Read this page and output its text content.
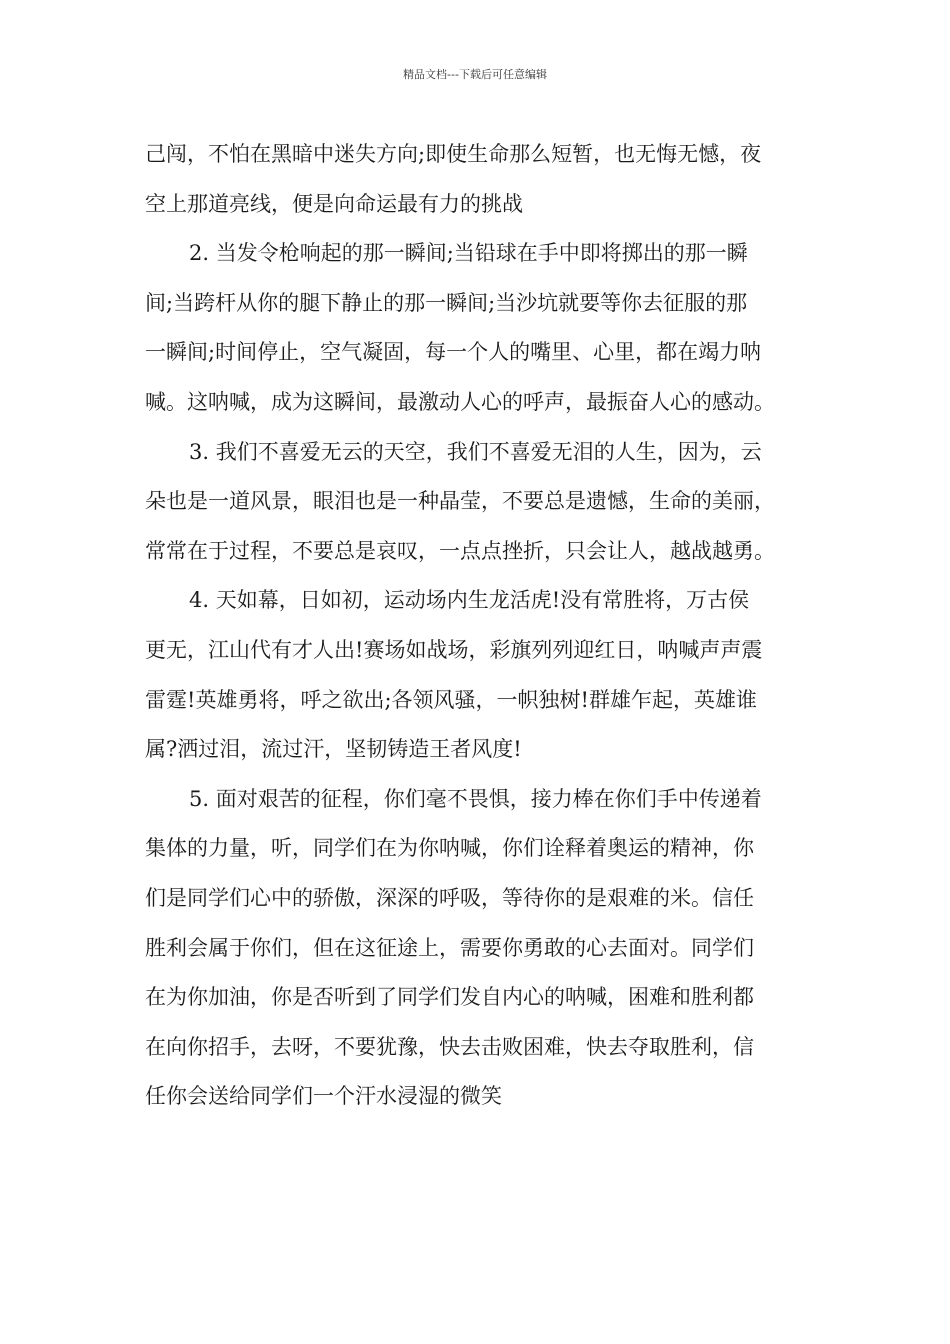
精品文档---下载后可任意编辑
己闯，不怕在黑暗中迷失方向;即使生命那么短暂，也无悔无憾，夜
空上那道亮线，便是向命运最有力的挑战
2. 当发令枪响起的那一瞬间;当铅球在手中即将掷出的那一瞬
间;当跨杆从你的腿下静止的那一瞬间;当沙坑就要等你去征服的那
一瞬间;时间停止，空气凝固，每一个人的嘴里、心里，都在竭力呐
喊。这呐喊，成为这瞬间，最激动人心的呼声，最振奋人心的感动。
3. 我们不喜爱无云的天空，我们不喜爱无泪的人生，因为，云
朵也是一道风景，眼泪也是一种晶莹，不要总是遗憾，生命的美丽，
常常在于过程，不要总是哀叹，一点点挫折，只会让人，越战越勇。
4. 天如幕，日如初，运动场内生龙活虎!没有常胜将，万古侯
更无，江山代有才人出!赛场如战场，彩旗列列迎红日，呐喊声声震
雷霆!英雄勇将，呼之欲出;各领风骚，一帜独树!群雄乍起，英雄谁
属?洒过泪，流过汗，坚韧铸造王者风度!
5. 面对艰苦的征程，你们毫不畏惧，接力棒在你们手中传递着
集体的力量，听，同学们在为你呐喊，你们诠释着奥运的精神，你
们是同学们心中的骄傲，深深的呼吸，等待你的是艰难的米。信任
胜利会属于你们，但在这征途上，需要你勇敢的心去面对。同学们
在为你加油，你是否听到了同学们发自内心的呐喊，困难和胜利都
在向你招手，去呀，不要犹豫，快去击败困难，快去夺取胜利，信
任你会送给同学们一个汗水浸湿的微笑
